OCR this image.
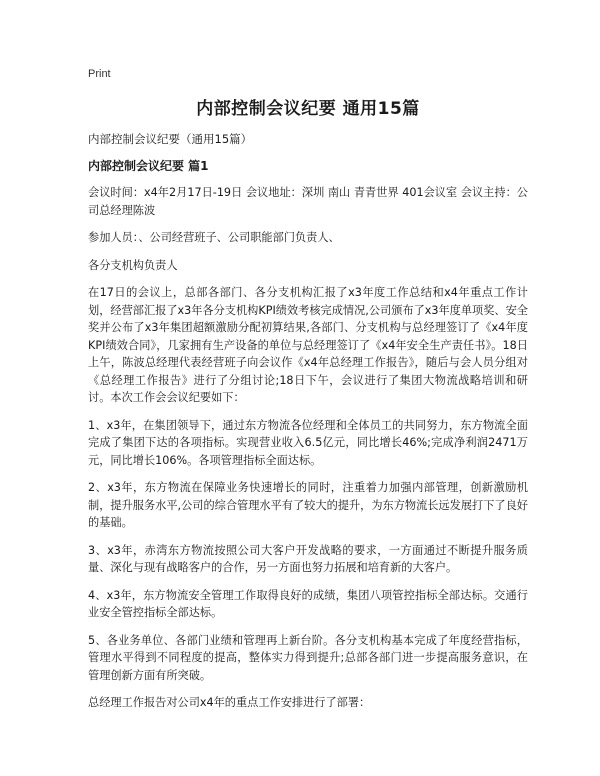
Print
内部控制会议纪要 通用15篇

内部控制会议纪要（通用15篇）

内部控制会议纪要 篇1

会议时间：x4年2月17日-19日 会议地址：深圳 南山 青青世界 401会议室 会议主持：公司总经理陈波

参加人员：、公司经营班子、公司职能部门负责人、

各分支机构负责人

在17日的会议上，总部各部门、各分支机构汇报了x3年度工作总结和x4年重点工作计划，经营部汇报了x3年各分支机构KPI绩效考核完成情况,公司颁布了x3年度单项奖、安全奖并公布了x3年集团超额激励分配初算结果,各部门、分支机构与总经理签订了《x4年度KPI绩效合同》，几家拥有生产设备的单位与总经理签订了《x4年安全生产责任书》。18日上午，陈波总经理代表经营班子向会议作《x4年总经理工作报告》，随后与会人员分组对《总经理工作报告》进行了分组讨论;18日下午，会议进行了集团大物流战略培训和研讨。本次工作会会议纪要如下：

1、x3年，在集团领导下，通过东方物流各位经理和全体员工的共同努力，东方物流全面完成了集团下达的各项指标。实现营业收入6.5亿元，同比增长46%;完成净利润2471万元，同比增长106%。各项管理指标全面达标。

2、x3年，东方物流在保障业务快速增长的同时，注重着力加强内部管理，创新激励机制，提升服务水平,公司的综合管理水平有了较大的提升，为东方物流长远发展打下了良好的基础。

3、x3年，赤湾东方物流按照公司大客户开发战略的要求，一方面通过不断提升服务质量、深化与现有战略客户的合作，另一方面也努力拓展和培育新的大客户。

4、x3年，东方物流安全管理工作取得良好的成绩，集团八项管控指标全部达标。交通行业安全管控指标全部达标。

5、各业务单位、各部门业绩和管理再上新台阶。各分支机构基本完成了年度经营指标，管理水平得到不同程度的提高，整体实力得到提升;总部各部门进一步提高服务意识，在管理创新方面有所突破。

总经理工作报告对公司x4年的重点工作安排进行了部署：
